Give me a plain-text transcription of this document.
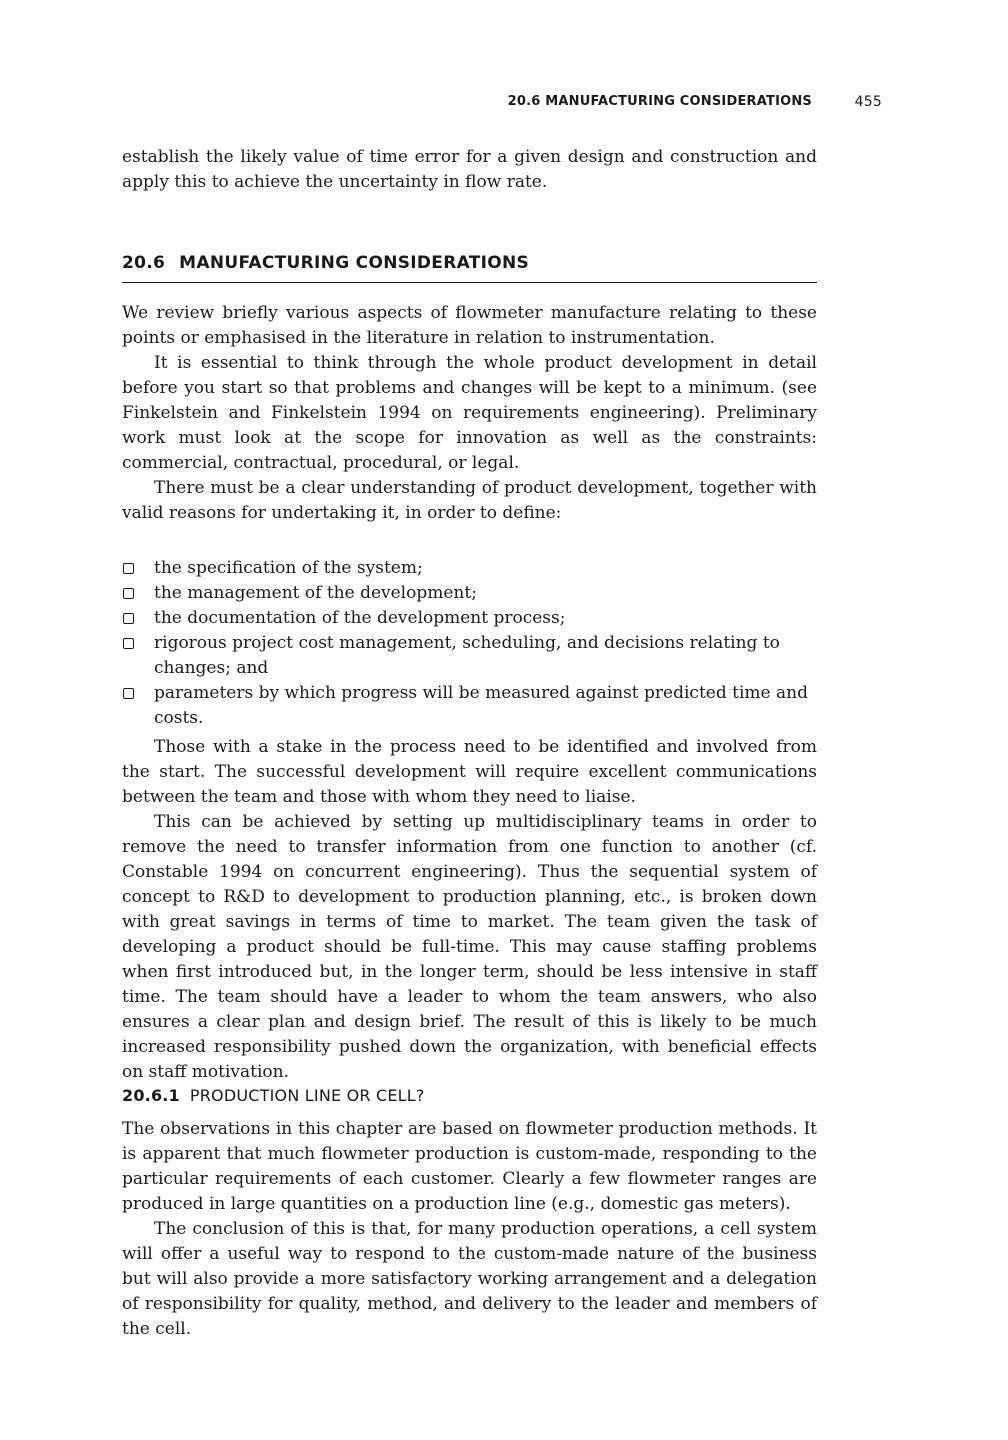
20.6 MANUFACTURING CONSIDERATIONS	455

establish the likely value of time error for a given design and construction and apply this to achieve the uncertainty in flow rate.

20.6 MANUFACTURING CONSIDERATIONS

We review briefly various aspects of flowmeter manufacture relating to these points or emphasised in the literature in relation to instrumentation.

It is essential to think through the whole product development in detail before you start so that problems and changes will be kept to a minimum. (see Finkelstein and Finkelstein 1994 on requirements engineering). Preliminary work must look at the scope for innovation as well as the constraints: commercial, contractual, procedural, or legal.

There must be a clear understanding of product development, together with valid reasons for undertaking it, in order to define:

the specification of the system;
the management of the development;
the documentation of the development process;
rigorous project cost management, scheduling, and decisions relating to changes; and
parameters by which progress will be measured against predicted time and costs.

Those with a stake in the process need to be identified and involved from the start. The successful development will require excellent communications between the team and those with whom they need to liaise.

This can be achieved by setting up multidisciplinary teams in order to remove the need to transfer information from one function to another (cf. Constable 1994 on concurrent engineering). Thus the sequential system of concept to R&D to development to production planning, etc., is broken down with great savings in terms of time to market. The team given the task of developing a product should be full-time. This may cause staffing problems when first introduced but, in the longer term, should be less intensive in staff time. The team should have a leader to whom the team answers, who also ensures a clear plan and design brief. The result of this is likely to be much increased responsibility pushed down the organization, with beneficial effects on staff motivation.

20.6.1 PRODUCTION LINE OR CELL?

The observations in this chapter are based on flowmeter production methods. It is apparent that much flowmeter production is custom-made, responding to the particular requirements of each customer. Clearly a few flowmeter ranges are produced in large quantities on a production line (e.g., domestic gas meters).

The conclusion of this is that, for many production operations, a cell system will offer a useful way to respond to the custom-made nature of the business but will also provide a more satisfactory working arrangement and a delegation of responsibility for quality, method, and delivery to the leader and members of the cell.
